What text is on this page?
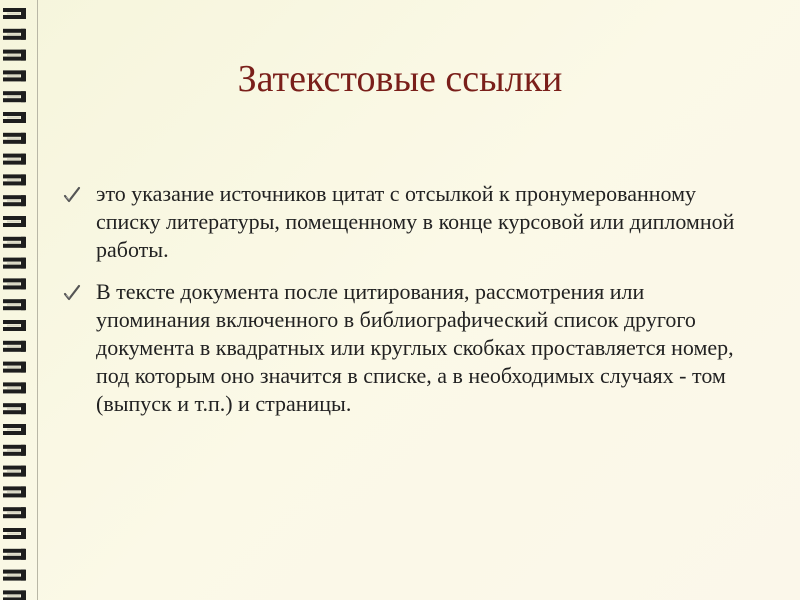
Затекстовые ссылки
это указание источников цитат с отсылкой к пронумерованному списку литературы, помещенному в конце курсовой или дипломной работы.
В тексте документа после цитирования, рассмотрения или упоминания включенного в библиографический список другого документа в квадратных или круглых скобках проставляется номер, под которым оно значится в списке, а в необходимых случаях - том (выпуск и т.п.) и страницы.
